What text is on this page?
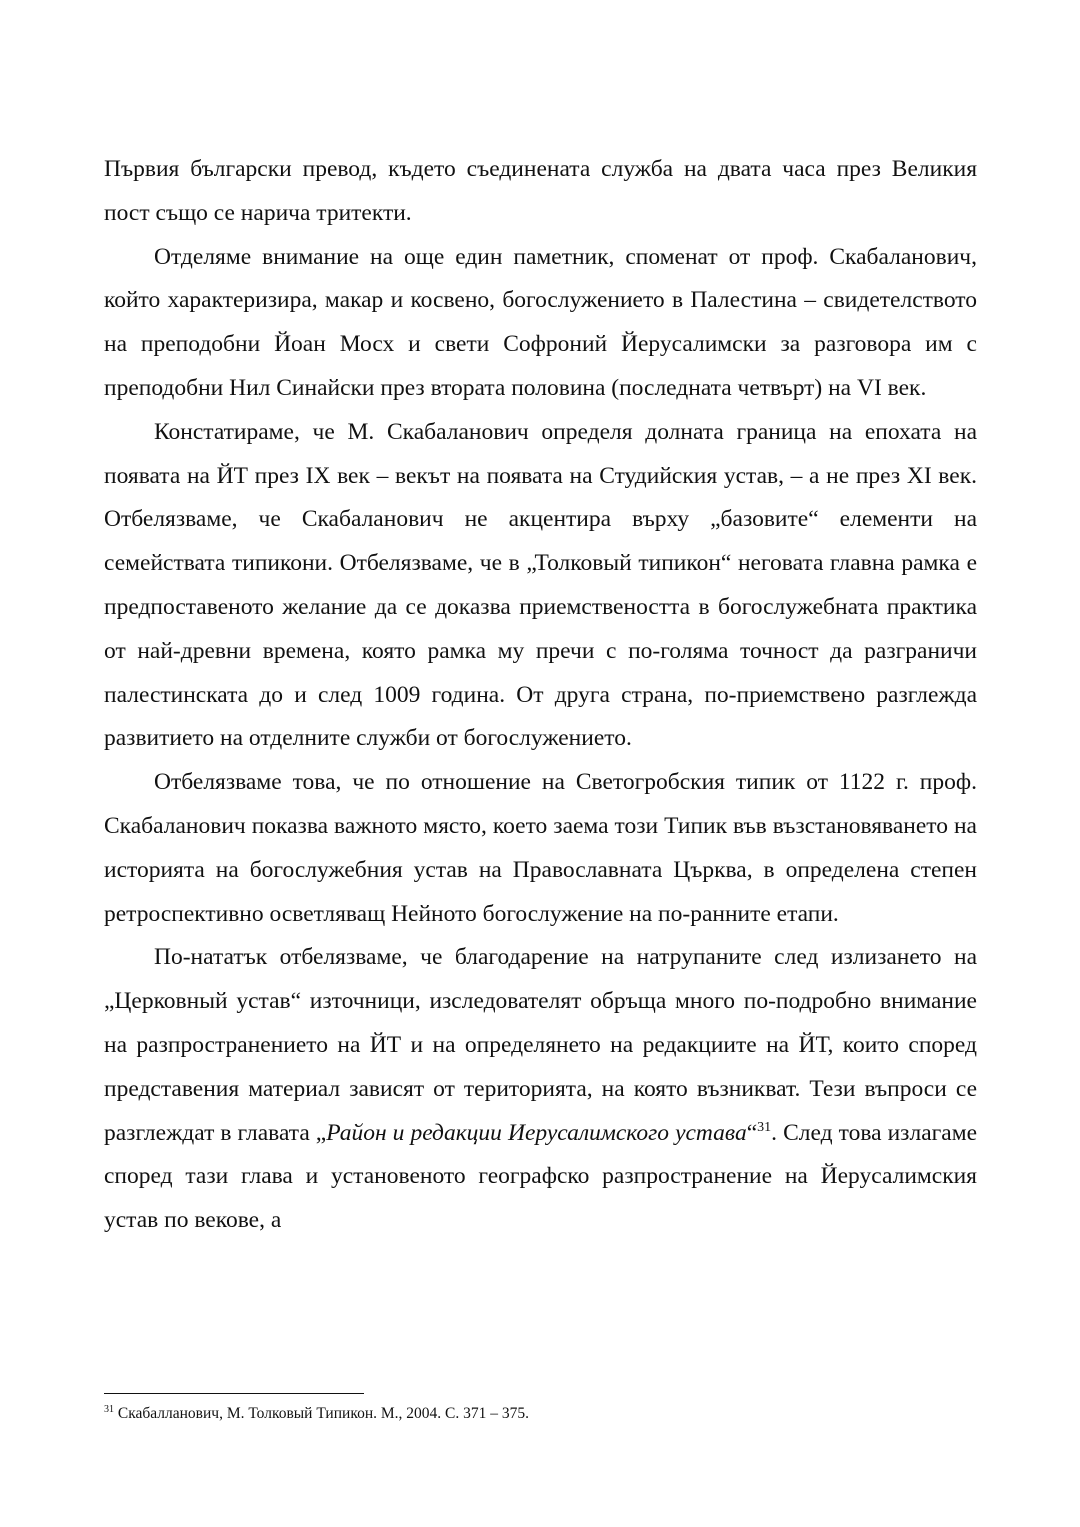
Първия български превод, където съединената служба на двата часа през Великия пост също се нарича тритекти.

Отделяме внимание на още един паметник, споменат от проф. Скабаланович, който характеризира, макар и косвено, богослужението в Палестина – свидетелството на преподобни Йоан Мосх и свети Софроний Йерусалимски за разговора им с преподобни Нил Синайски през втората половина (последната четвърт) на VI век.

Констатираме, че М. Скабаланович определя долната граница на епохата на появата на ЙТ през IX век – векът на появата на Студийския устав, – а не през XI век. Отбелязваме, че Скабаланович не акцентира върху „базовите“ елементи на семействата типикони. Отбелязваме, че в „Толковый типикон“ неговата главна рамка е предпоставеното желание да се доказва приемствеността в богослужебната практика от най-древни времена, която рамка му пречи с по-голяма точност да разграничи палестинската до и след 1009 година. От друга страна, по-приемствено разглежда развитието на отделните служби от богослужението.

Отбелязваме това, че по отношение на Светогробския типик от 1122 г. проф. Скабаланович показва важното място, което заема този Типик във възстановяването на историята на богослужебния устав на Православната Църква, в определена степен ретроспективно осветляващ Нейното богослужение на по-ранните етапи.

По-нататък отбелязваме, че благодарение на натрупаните след излизането на „Церковный устав“ източници, изследователят обръща много по-подробно внимание на разпространението на ЙТ и на определянето на редакциите на ЙТ, които според представения материал зависят от територията, на която възникват. Тези въпроси се разглеждат в главата „Район и редакции Иерусалимского устава“$^{31}$. След това излагаме според тази глава и установеното географско разпространение на Йерусалимския устав по векове, а

$^{31}$ Скабалланович, М. Толковый Типикон. М., 2004. С. 371 – 375.
